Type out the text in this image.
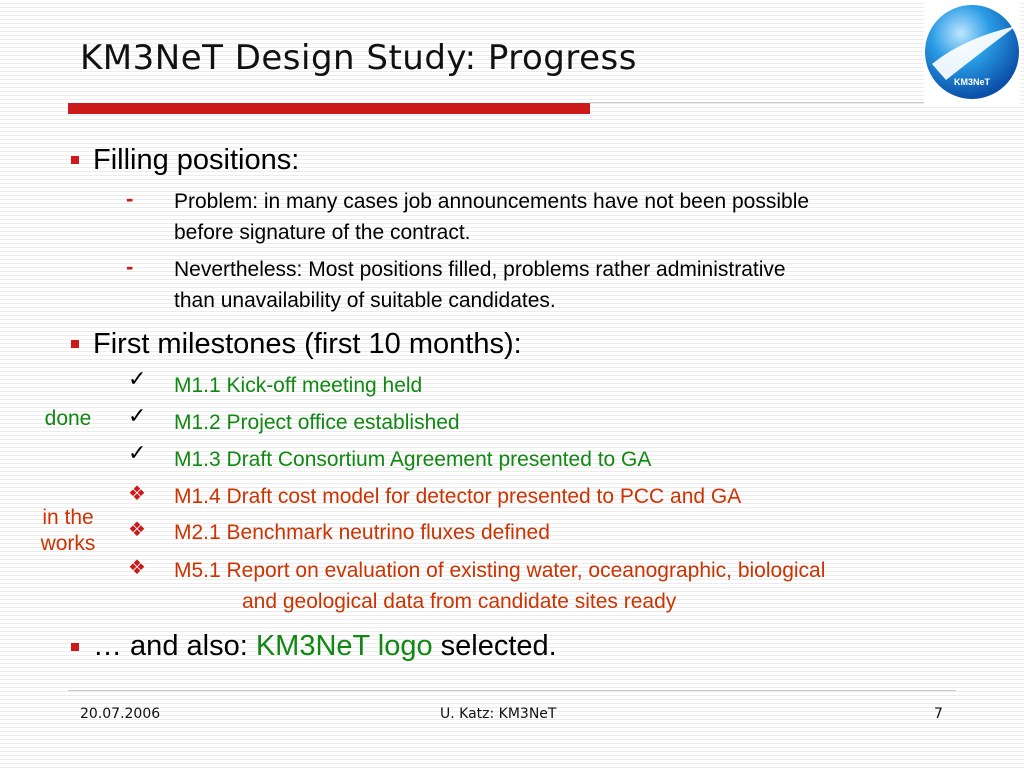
KM3NeT Design Study: Progress
KM3NeT
Filling positions:
- Problem: in many cases job announcements have not been possible
before signature of the contract.
- Nevertheless: Most positions filled, problems rather administrative
than unavailability of suitable candidates.
First milestones (first 10 months):
done
in the
works
✓ M1.1 Kick-off meeting held
✓ M1.2 Project office established
✓ M1.3 Draft Consortium Agreement presented to GA
❖ M1.4 Draft cost model for detector presented to PCC and GA
❖ M2.1 Benchmark neutrino fluxes defined
❖ M5.1 Report on evaluation of existing water, oceanographic, biological
and geological data from candidate sites ready
… and also: KM3NeT logo selected.
20.07.2006	U. Katz: KM3NeT	7
